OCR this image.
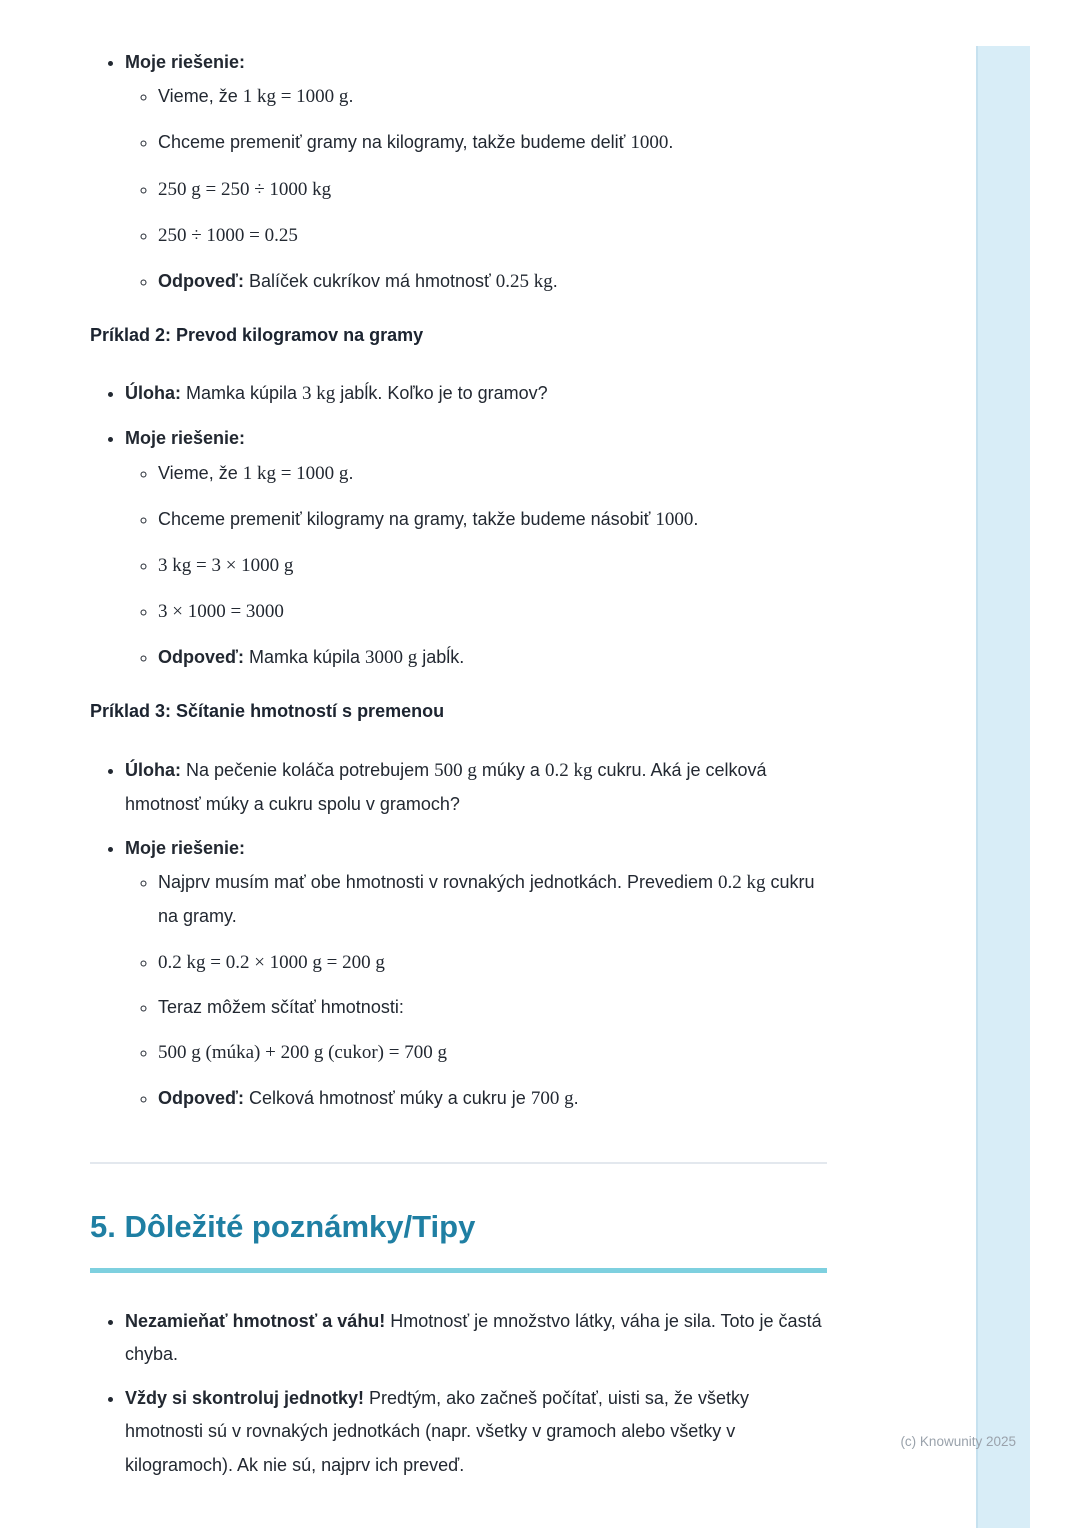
• Moje riešenie:
◦ Vieme, že 1 kg = 1000 g.
◦ Chceme premeniť gramy na kilogramy, takže budeme deliť 1000.
◦ 250 g = 250 ÷ 1000 kg
◦ 250 ÷ 1000 = 0.25
◦ Odpoveď: Balíček cukríkov má hmotnosť 0.25 kg.
Príklad 2: Prevod kilogramov na gramy
• Úloha: Mamka kúpila 3 kg jabĺk. Koľko je to gramov?
• Moje riešenie:
◦ Vieme, že 1 kg = 1000 g.
◦ Chceme premeniť kilogramy na gramy, takže budeme násobiť 1000.
◦ 3 kg = 3 × 1000 g
◦ 3 × 1000 = 3000
◦ Odpoveď: Mamka kúpila 3000 g jabĺk.
Príklad 3: Sčítanie hmotností s premenou
• Úloha: Na pečenie koláča potrebujem 500 g múky a 0.2 kg cukru. Aká je celková hmotnosť múky a cukru spolu v gramoch?
• Moje riešenie:
◦ Najprv musím mať obe hmotnosti v rovnakých jednotkách. Prevediem 0.2 kg cukru na gramy.
◦ 0.2 kg = 0.2 × 1000 g = 200 g
◦ Teraz môžem sčítať hmotnosti:
◦ 500 g (múka) + 200 g (cukor) = 700 g
◦ Odpoveď: Celková hmotnosť múky a cukru je 700 g.
5. Dôležité poznámky/Tipy
• Nezamieňať hmotnosť a váhu! Hmotnosť je množstvo látky, váha je sila. Toto je častá chyba.
• Vždy si skontroluj jednotky! Predtým, ako začneš počítať, uisti sa, že všetky hmotnosti sú v rovnakých jednotkách (napr. všetky v gramoch alebo všetky v kilogramoch). Ak nie sú, najprv ich preveď.
(c) Knowunity 2025
